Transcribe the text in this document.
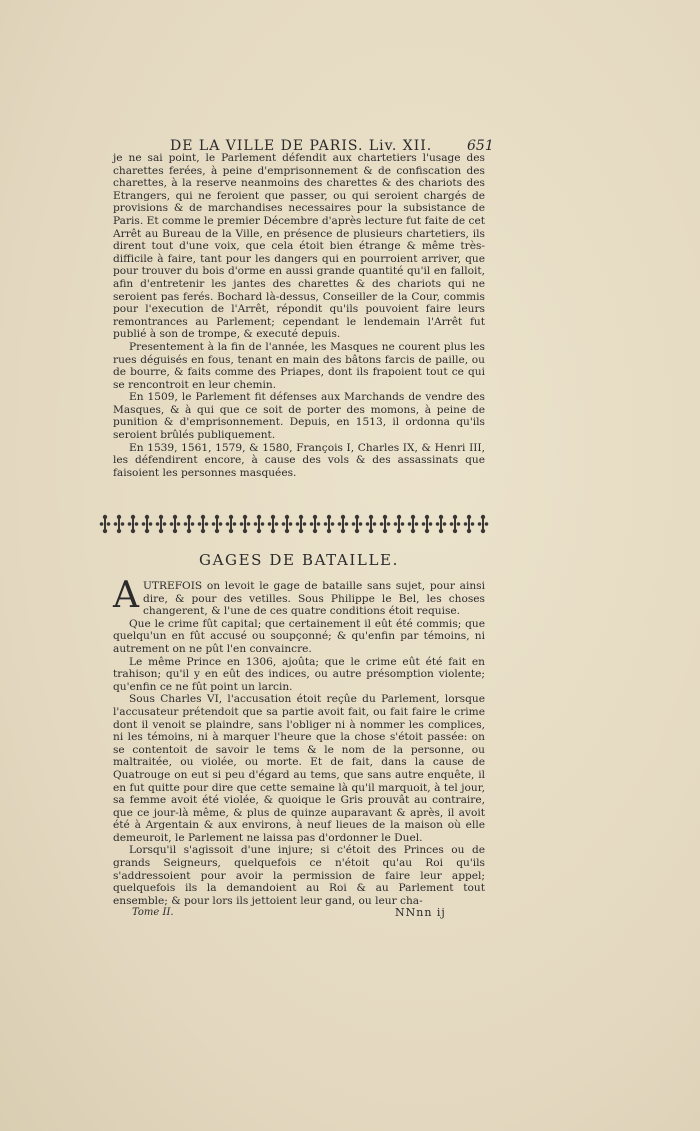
DE LA VILLE DE PARIS. Liv. XII.	651

je ne sai point, le Parlement défendit aux chartetiers l'usage des charettes ferées, à peine d'emprisonnement & de confiscation des charettes, à la reserve neanmoins des charettes & des chariots des Etrangers, qui ne feroient que passer, ou qui seroient chargés de provisions & de marchandises necessaires pour la subsistance de Paris. Et comme le premier Décembre d'après lecture fut faite de cet Arrêt au Bureau de la Ville, en présence de plusieurs chartetiers, ils dirent tout d'une voix, que cela étoit bien étrange & même très-difficile à faire, tant pour les dangers qui en pourroient arriver, que pour trouver du bois d'orme en aussi grande quantité qu'il en falloit, afin d'entretenir les jantes des charettes & des chariots qui ne seroient pas ferés. Bochard là-dessus, Conseiller de la Cour, commis pour l'execution de l'Arrêt, répondit qu'ils pouvoient faire leurs remontrances au Parlement; cependant le lendemain l'Arrêt fut publié à son de trompe, & executé depuis.

Presentement à la fin de l'année, les Masques ne courent plus les rues déguisés en fous, tenant en main des bâtons farcis de paille, ou de bourre, & faits comme des Priapes, dont ils frapoient tout ce qui se rencontroit en leur chemin.

En 1509, le Parlement fit défenses aux Marchands de vendre des Masques, & à qui que ce soit de porter des momons, à peine de punition & d'emprisonnement. Depuis, en 1513, il ordonna qu'ils seroient brûlés publiquement.

En 1539, 1561, 1579, & 1580, François I, Charles IX, & Henri III, les défendirent encore, à cause des vols & des assassinats que faisoient les personnes masquées.

GAGES DE BATAILLE.

AUTREFOIS on levoit le gage de bataille sans sujet, pour ainsi dire, & pour des vetilles. Sous Philippe le Bel, les choses changerent, & l'une de ces quatre conditions étoit requise.

Que le crime fût capital; que certainement il eût été commis; que quelqu'un en fût accusé ou soupçonné; & qu'enfin par témoins, ni autrement on ne pût l'en convaincre.

Le même Prince en 1306, ajoûta; que le crime eût été fait en trahison; qu'il y en eût des indices, ou autre présomption violente; qu'enfin ce ne fût point un larcin.

Sous Charles VI, l'accusation étoit reçûe du Parlement, lorsque l'accusateur prétendoit que sa partie avoit fait, ou fait faire le crime dont il venoit se plaindre, sans l'obliger ni à nommer les complices, ni les témoins, ni à marquer l'heure que la chose s'étoit passée: on se contentoit de savoir le tems & le nom de la personne, ou maltraitée, ou violée, ou morte. Et de fait, dans la cause de Quatrouge on eut si peu d'égard au tems, que sans autre enquête, il en fut quitte pour dire que cette semaine là qu'il marquoit, à tel jour, sa femme avoit été violée, & quoique le Gris prouvât au contraire, que ce jour-là même, & plus de quinze auparavant & après, il avoit été à Argentain & aux environs, à neuf lieues de la maison où elle demeuroit, le Parlement ne laissa pas d'ordonner le Duel.

Lorsqu'il s'agissoit d'une injure; si c'étoit des Princes ou de grands Seigneurs, quelquefois ce n'étoit qu'au Roi qu'ils s'addressoient pour avoir la permission de faire leur appel; quelquefois ils la demandoient au Roi & au Parlement tout ensemble; & pour lors ils jettoient leur gand, ou leur cha-

Tome II.	NNnn ij
